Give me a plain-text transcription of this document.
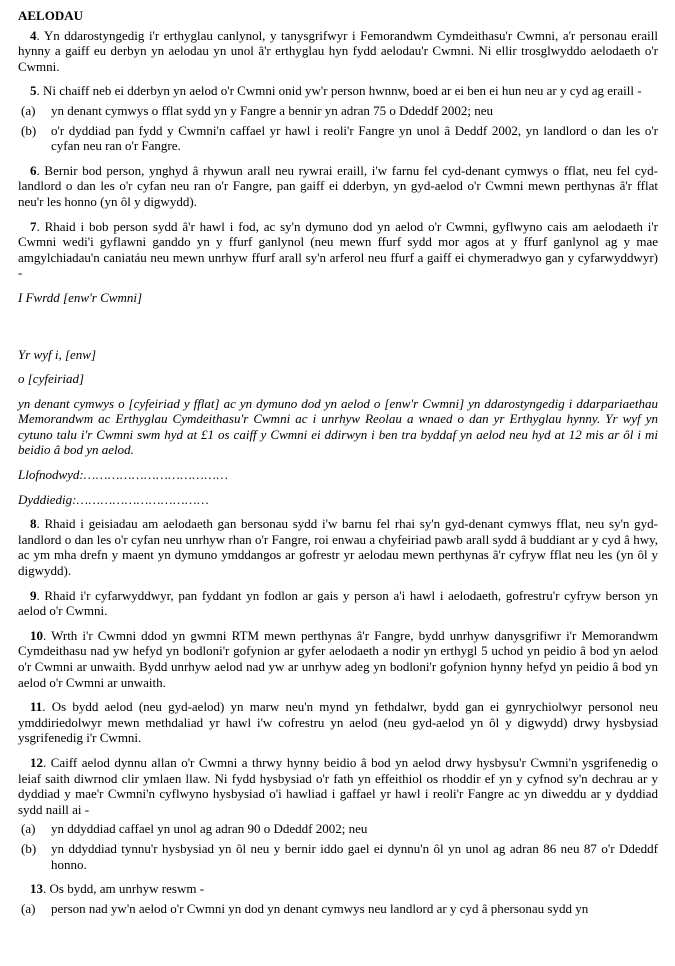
AELODAU

4. Yn ddarostyngedig i'r erthyglau canlynol, y tanysgrifwyr i Femorandwm Cymdeithasu'r Cwmni, a'r personau eraill hynny a gaiff eu derbyn yn aelodau yn unol â'r erthyglau hyn fydd aelodau'r Cwmni. Ni ellir trosglwyddo aelodaeth o'r Cwmni.

5. Ni chaiff neb ei dderbyn yn aelod o'r Cwmni onid yw'r person hwnnw, boed ar ei ben ei hun neu ar y cyd ag eraill -

(a)	yn denant cymwys o fflat sydd yn y Fangre a bennir yn adran 75 o Ddeddf 2002; neu
(b)	o'r dyddiad pan fydd y Cwmni'n caffael yr hawl i reoli'r Fangre yn unol â Deddf 2002, yn landlord o dan les o'r cyfan neu ran o'r Fangre.

6. Bernir bod person, ynghyd â rhywun arall neu rywrai eraill, i'w farnu fel cyd-denant cymwys o fflat, neu fel cyd-landlord o dan les o'r cyfan neu ran o'r Fangre, pan gaiff ei dderbyn, yn gyd-aelod o'r Cwmni mewn perthynas â'r fflat neu'r les honno (yn ôl y digwydd).

7. Rhaid i bob person sydd â'r hawl i fod, ac sy'n dymuno dod yn aelod o'r Cwmni, gyflwyno cais am aelodaeth i'r Cwmni wedi'i gyflawni ganddo yn y ffurf ganlynol (neu mewn ffurf sydd mor agos at y ffurf ganlynol ag y mae amgylchiadau'n caniatáu neu mewn unrhyw ffurf arall sy'n arferol neu ffurf a gaiff ei chymeradwyo gan y cyfarwyddwyr) -

I Fwrdd [enw'r Cwmni]

Yr wyf i, [enw]

o [cyfeiriad]

yn denant cymwys o [cyfeiriad y fflat] ac yn dymuno dod yn aelod o [enw'r Cwmni] yn ddarostyngedig i ddarpariaethau Memorandwm ac Erthyglau Cymdeithasu'r Cwmni ac i unrhyw Reolau a wnaed o dan yr Erthyglau hynny. Yr wyf yn cytuno talu i'r Cwmni swm hyd at £1 os caiff y Cwmni ei ddirwyn i ben tra byddaf yn aelod neu hyd at 12 mis ar ôl i mi beidio â bod yn aelod.

Llofnodwyd:………………………………

Dyddiedig:……………………………

8. Rhaid i geisiadau am aelodaeth gan bersonau sydd i'w barnu fel rhai sy'n gyd-denant cymwys fflat, neu sy'n gyd-landlord o dan les o'r cyfan neu unrhyw rhan o'r Fangre, roi enwau a chyfeiriad pawb arall sydd â buddiant ar y cyd â hwy, ac ym mha drefn y maent yn dymuno ymddangos ar gofrestr yr aelodau mewn perthynas â'r cyfryw fflat neu les (yn ôl y digwydd).

9. Rhaid i'r cyfarwyddwyr, pan fyddant yn fodlon ar gais y person a'i hawl i aelodaeth, gofrestru'r cyfryw berson yn aelod o'r Cwmni.

10. Wrth i'r Cwmni ddod yn gwmni RTM mewn perthynas â'r Fangre, bydd unrhyw danysgrifiwr i'r Memorandwm Cymdeithasu nad yw hefyd yn bodloni'r gofynion ar gyfer aelodaeth a nodir yn erthygl 5 uchod yn peidio â bod yn aelod o'r Cwmni ar unwaith. Bydd unrhyw aelod nad yw ar unrhyw adeg yn bodloni'r gofynion hynny hefyd yn peidio â bod yn aelod o'r Cwmni ar unwaith.

11. Os bydd aelod (neu gyd-aelod) yn marw neu'n mynd yn fethdalwr, bydd gan ei gynrychiolwyr personol neu ymddiriedolwyr mewn methdaliad yr hawl i'w cofrestru yn aelod (neu gyd-aelod yn ôl y digwydd) drwy hysbysiad ysgrifenedig i'r Cwmni.

12. Caiff aelod dynnu allan o'r Cwmni a thrwy hynny beidio â bod yn aelod drwy hysbysu'r Cwmni'n ysgrifenedig o leiaf saith diwrnod clir ymlaen llaw. Ni fydd hysbysiad o'r fath yn effeithiol os rhoddir ef yn y cyfnod sy'n dechrau ar y dyddiad y mae'r Cwmni'n cyflwyno hysbysiad o'i hawliad i gaffael yr hawl i reoli'r Fangre ac yn diweddu ar y dyddiad sydd naill ai -

(a)	yn ddyddiad caffael yn unol ag adran 90 o Ddeddf 2002; neu
(b)	yn ddyddiad tynnu'r hysbysiad yn ôl neu y bernir iddo gael ei dynnu'n ôl yn unol ag adran 86 neu 87 o'r Ddeddf honno.

13. Os bydd, am unrhyw reswm -

(a)	person nad yw'n aelod o'r Cwmni yn dod yn denant cymwys neu landlord ar y cyd â phersonau sydd yn
